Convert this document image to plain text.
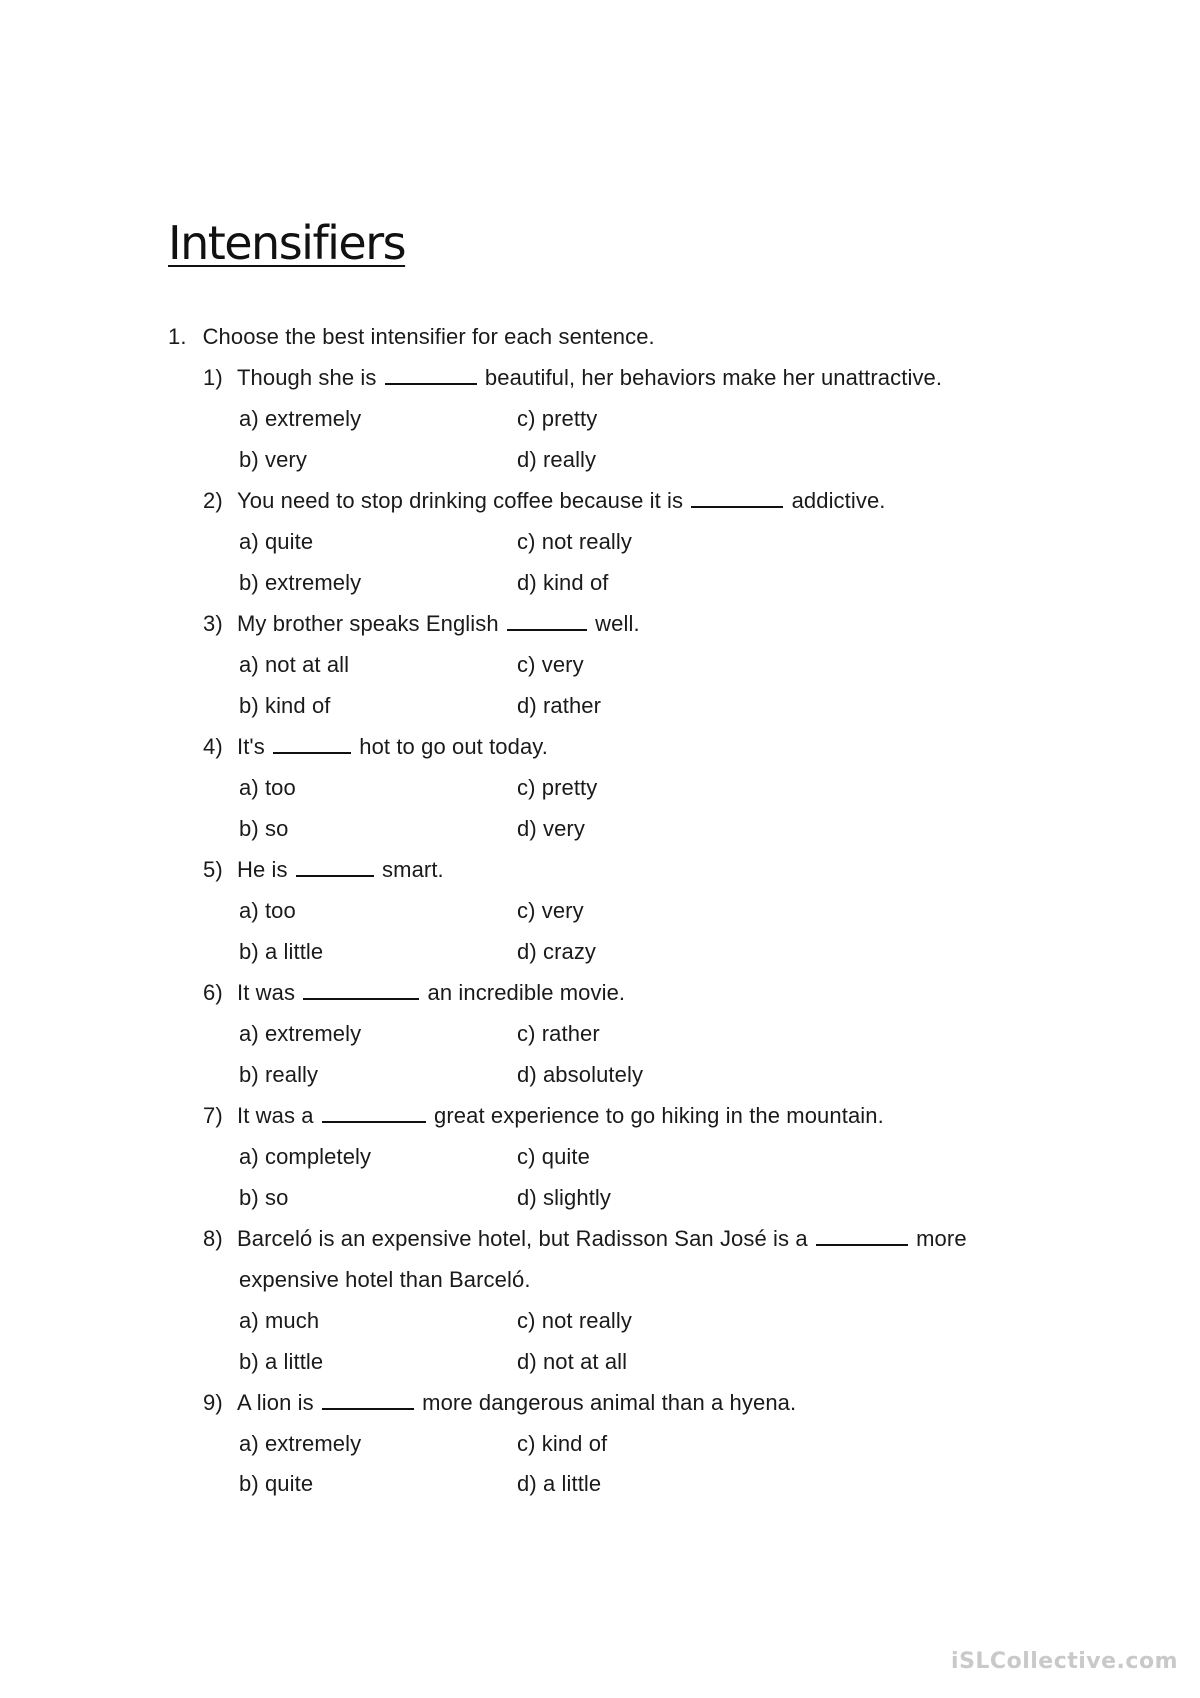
Intensifiers
1. Choose the best intensifier for each sentence.
1) Though she is	beautiful, her behaviors make her unattractive.
a) extremely	c) pretty
b) very	d) really
2) You need to stop drinking coffee because it is	addictive.
a) quite	c) not really
b) extremely	d) kind of
3) My brother speaks English	well.
a) not at all	c) very
b) kind of	d) rather
4) It's	hot to go out today.
a) too	c) pretty
b) so	d) very
5) He is	smart.
a) too	c) very
b) a little	d) crazy
6) It was	an incredible movie.
a) extremely	c) rather
b) really	d) absolutely
7) It was a	great experience to go hiking in the mountain.
a) completely	c) quite
b) so	d) slightly
8) Barceló is an expensive hotel, but Radisson San José is a	more
expensive hotel than Barceló.
a) much	c) not really
b) a little	d) not at all
9) A lion is	more dangerous animal than a hyena.
a) extremely	c) kind of
b) quite	d) a little
iSLCollective.com
